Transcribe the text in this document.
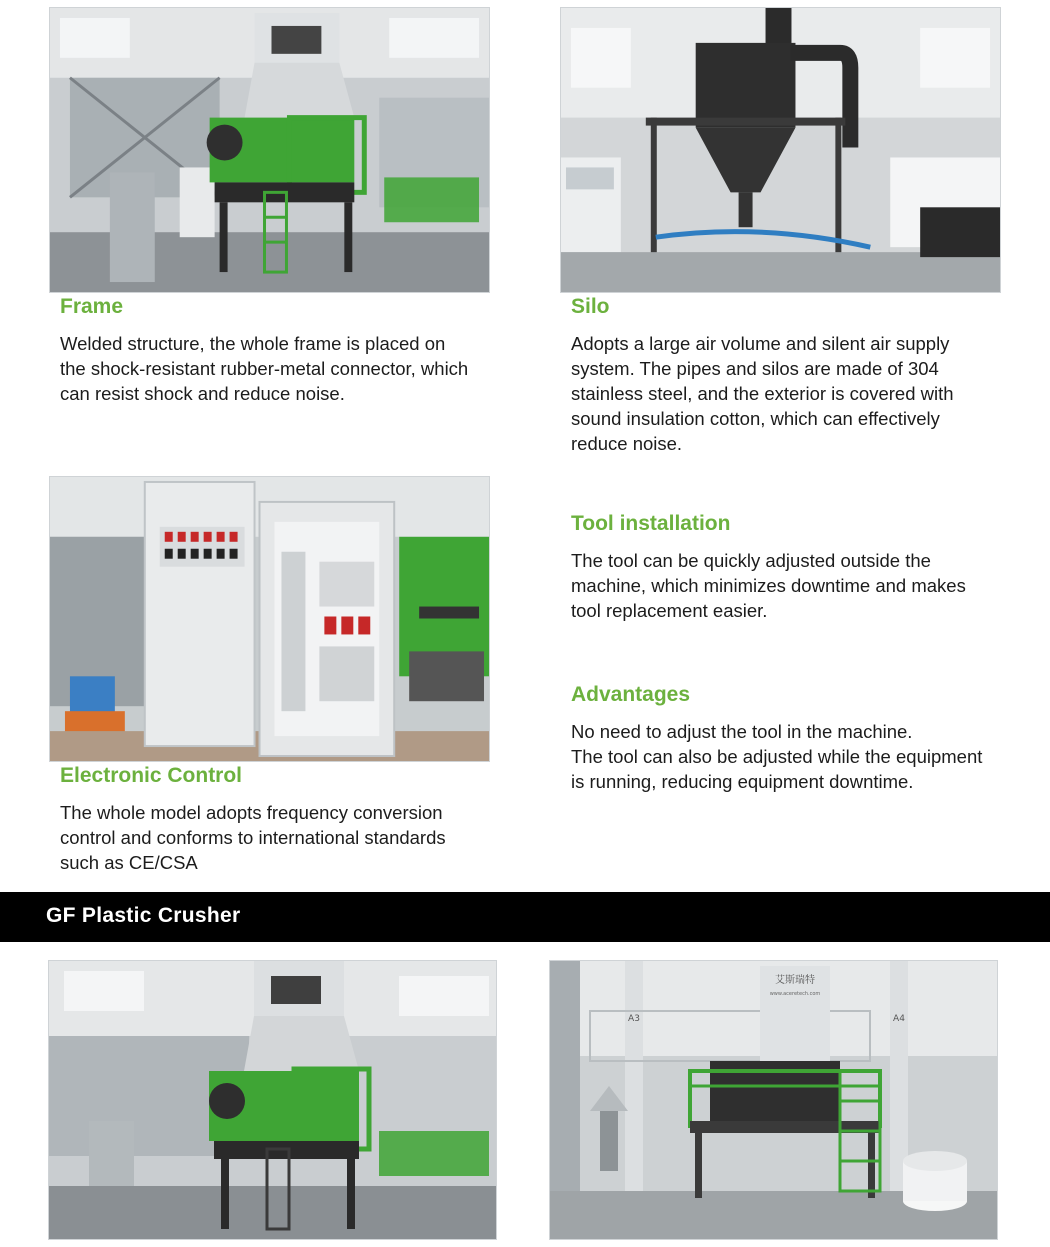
Frame
Welded structure, the whole frame is placed on
the shock-resistant rubber-metal connector, which
can resist shock and reduce noise.
Silo
Adopts a large air volume and silent air supply
system. The pipes and silos are made of 304
stainless steel, and the exterior is covered with
sound insulation cotton, which can effectively
reduce noise.
Electronic Control
The whole model adopts frequency conversion
control and conforms to international standards
such as CE/CSA
Tool installation
The tool can be quickly adjusted outside the
machine, which minimizes downtime and makes
tool replacement easier.
Advantages
No need to adjust the tool in the machine.
The tool can also be adjusted while the equipment
is running, reducing equipment downtime.
GF Plastic Crusher
艾斯瑞特
www.aceretech.com
A3	A4
